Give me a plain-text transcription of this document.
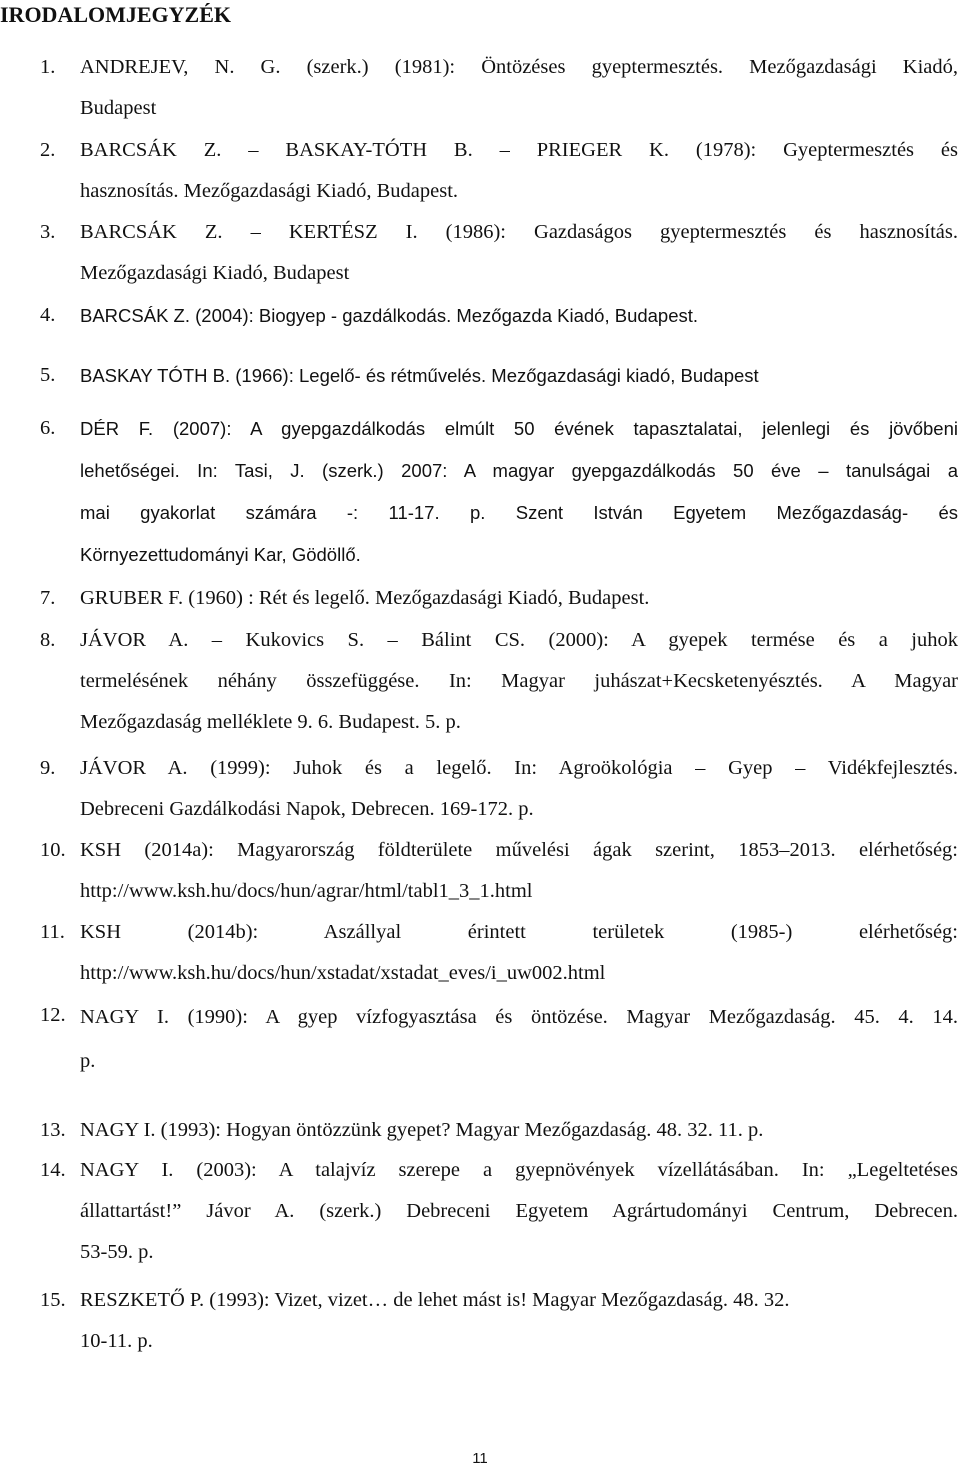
IRODALOMJEGYZÉK
1. ANDREJEV, N. G. (szerk.) (1981): Öntözéses gyeptermesztés. Mezőgazdasági Kiadó,
Budapest
2. BARCSÁK Z. – BASKAY-TÓTH B. – PRIEGER K. (1978): Gyeptermesztés és
hasznosítás. Mezőgazdasági Kiadó, Budapest.
3. BARCSÁK Z. – KERTÉSZ I. (1986): Gazdaságos gyeptermesztés és hasznosítás.
Mezőgazdasági Kiadó, Budapest
4. BARCSÁK Z. (2004): Biogyep - gazdálkodás. Mezőgazda Kiadó, Budapest.
5. BASKAY TÓTH B. (1966): Legelő- és rétművelés. Mezőgazdasági kiadó, Budapest
6. DÉR F. (2007): A gyepgazdálkodás elmúlt 50 évének tapasztalatai, jelenlegi és jövőbeni
lehetőségei. In: Tasi, J. (szerk.) 2007: A magyar gyepgazdálkodás 50 éve – tanulságai a
mai gyakorlat számára -: 11-17. p. Szent István Egyetem Mezőgazdaság- és
Környezettudományi Kar, Gödöllő.
7. GRUBER F. (1960) : Rét és legelő. Mezőgazdasági Kiadó, Budapest.
8. JÁVOR A. – Kukovics S. – Bálint CS. (2000): A gyepek termése és a juhok
termelésének néhány összefüggése. In: Magyar juhászat+Kecsketenyésztés. A Magyar
Mezőgazdaság melléklete 9. 6. Budapest. 5. p.
9. JÁVOR A. (1999): Juhok és a legelő. In: Agroökológia – Gyep – Vidékfejlesztés.
Debreceni Gazdálkodási Napok, Debrecen. 169-172. p.
10. KSH (2014a): Magyarország földterülete művelési ágak szerint, 1853–2013. elérhetőség:
http://www.ksh.hu/docs/hun/agrar/html/tabl1_3_1.html
11. KSH (2014b): Aszállyal érintett területek (1985-) elérhetőség:
http://www.ksh.hu/docs/hun/xstadat/xstadat_eves/i_uw002.html
12. NAGY I. (1990): A gyep vízfogyasztása és öntözése. Magyar Mezőgazdaság. 45. 4. 14.
p.
13. NAGY I. (1993): Hogyan öntözzünk gyepet? Magyar Mezőgazdaság. 48. 32. 11. p.
14. NAGY I. (2003): A talajvíz szerepe a gyepnövények vízellátásában. In: „Legeltetéses
állattartást!” Jávor A. (szerk.) Debreceni Egyetem Agrártudományi Centrum, Debrecen.
53-59. p.
15. RESZKETŐ P. (1993): Vizet, vizet… de lehet mást is! Magyar Mezőgazdaság. 48. 32.
10-11. p.
11
